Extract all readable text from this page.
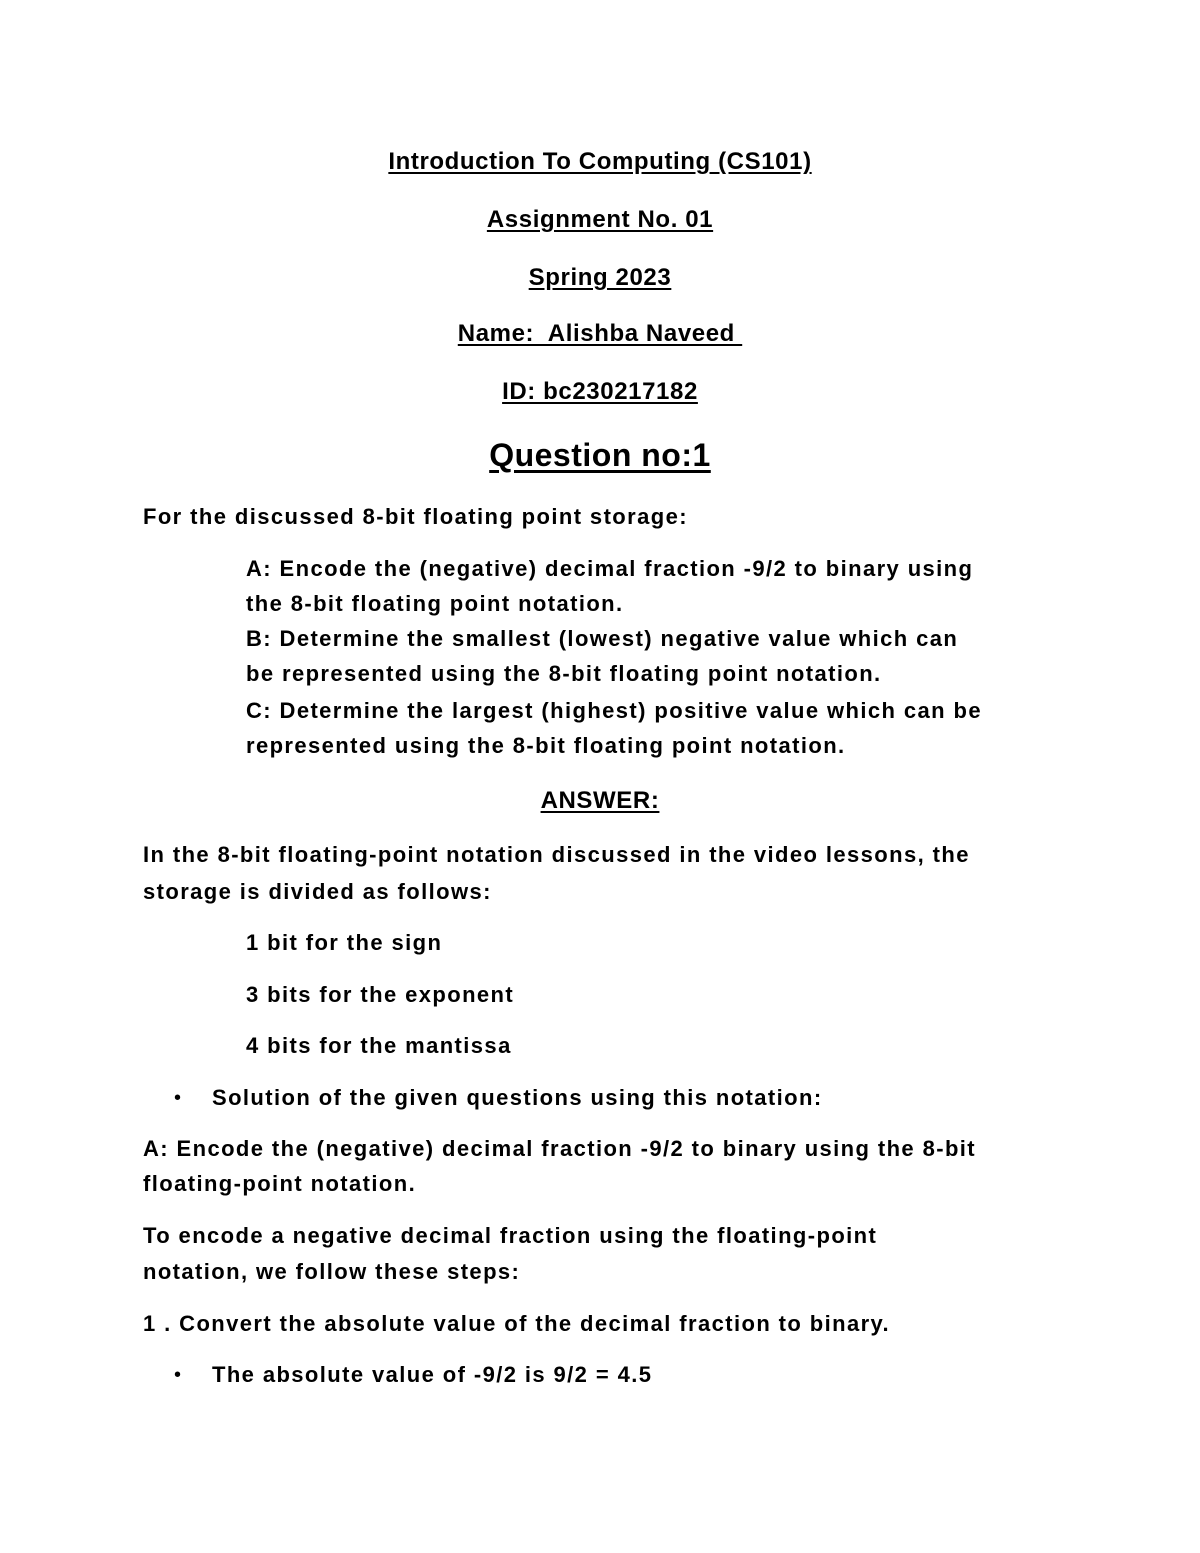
Introduction To Computing (CS101)
Assignment No. 01
Spring 2023
Name:  Alishba Naveed
ID: bc230217182
Question no:1
For the discussed 8-bit floating point storage:
A: Encode the (negative) decimal fraction -9/2 to binary using
the 8-bit floating point notation.
B: Determine the smallest (lowest) negative value which can
be represented using the 8-bit floating point notation.
C: Determine the largest (highest) positive value which can be
represented using the 8-bit floating point notation.
ANSWER:
In the 8-bit floating-point notation discussed in the video lessons, the
storage is divided as follows:
1 bit for the sign
3 bits for the exponent
4 bits for the mantissa
• Solution of the given questions using this notation:
A: Encode the (negative) decimal fraction -9/2 to binary using the 8-bit
floating-point notation.
To encode a negative decimal fraction using the floating-point
notation, we follow these steps:
1 . Convert the absolute value of the decimal fraction to binary.
• The absolute value of -9/2 is 9/2 = 4.5
